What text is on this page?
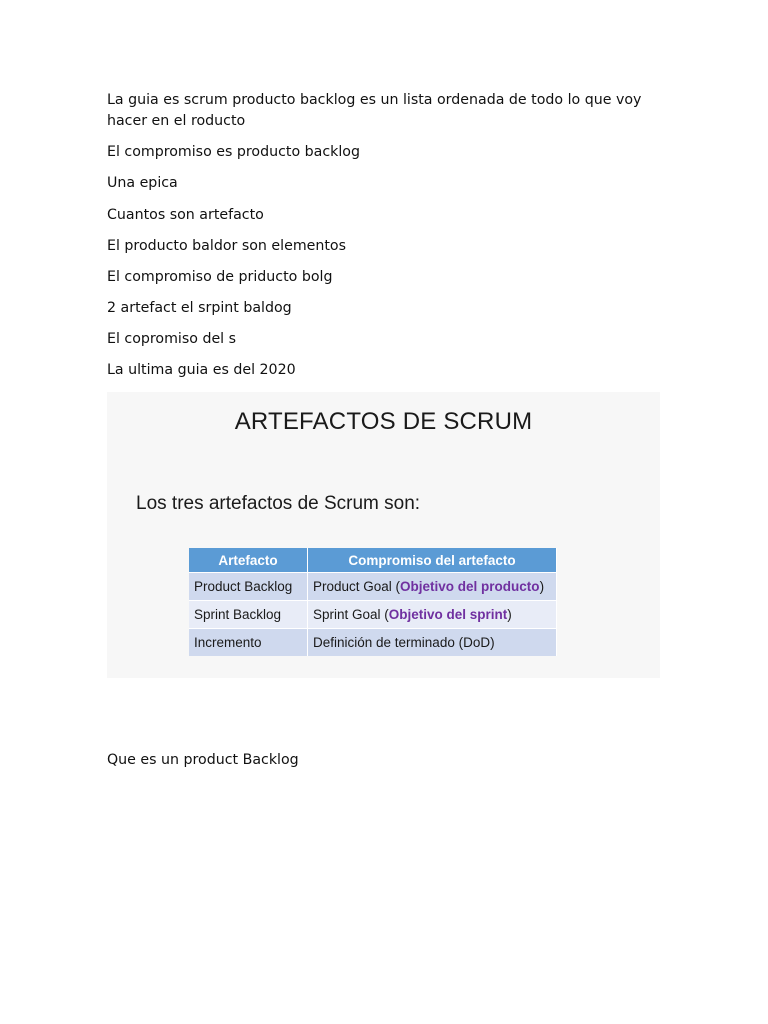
La guia es scrum producto backlog es un lista ordenada de todo lo que voy hacer en el roducto

El compromiso es producto backlog

Una epica

Cuantos son artefacto

El producto baldor son elementos

El compromiso de priducto bolg

2 artefact el srpint baldog

El copromiso del s

La ultima guia es del 2020

ARTEFACTOS DE SCRUM
Los tres artefactos de Scrum son:
Artefacto	Compromiso del artefacto
Product Backlog	Product Goal (Objetivo del producto)
Sprint Backlog	Sprint Goal (Objetivo del sprint)
Incremento	Definición de terminado (DoD)

Que es un product Backlog
